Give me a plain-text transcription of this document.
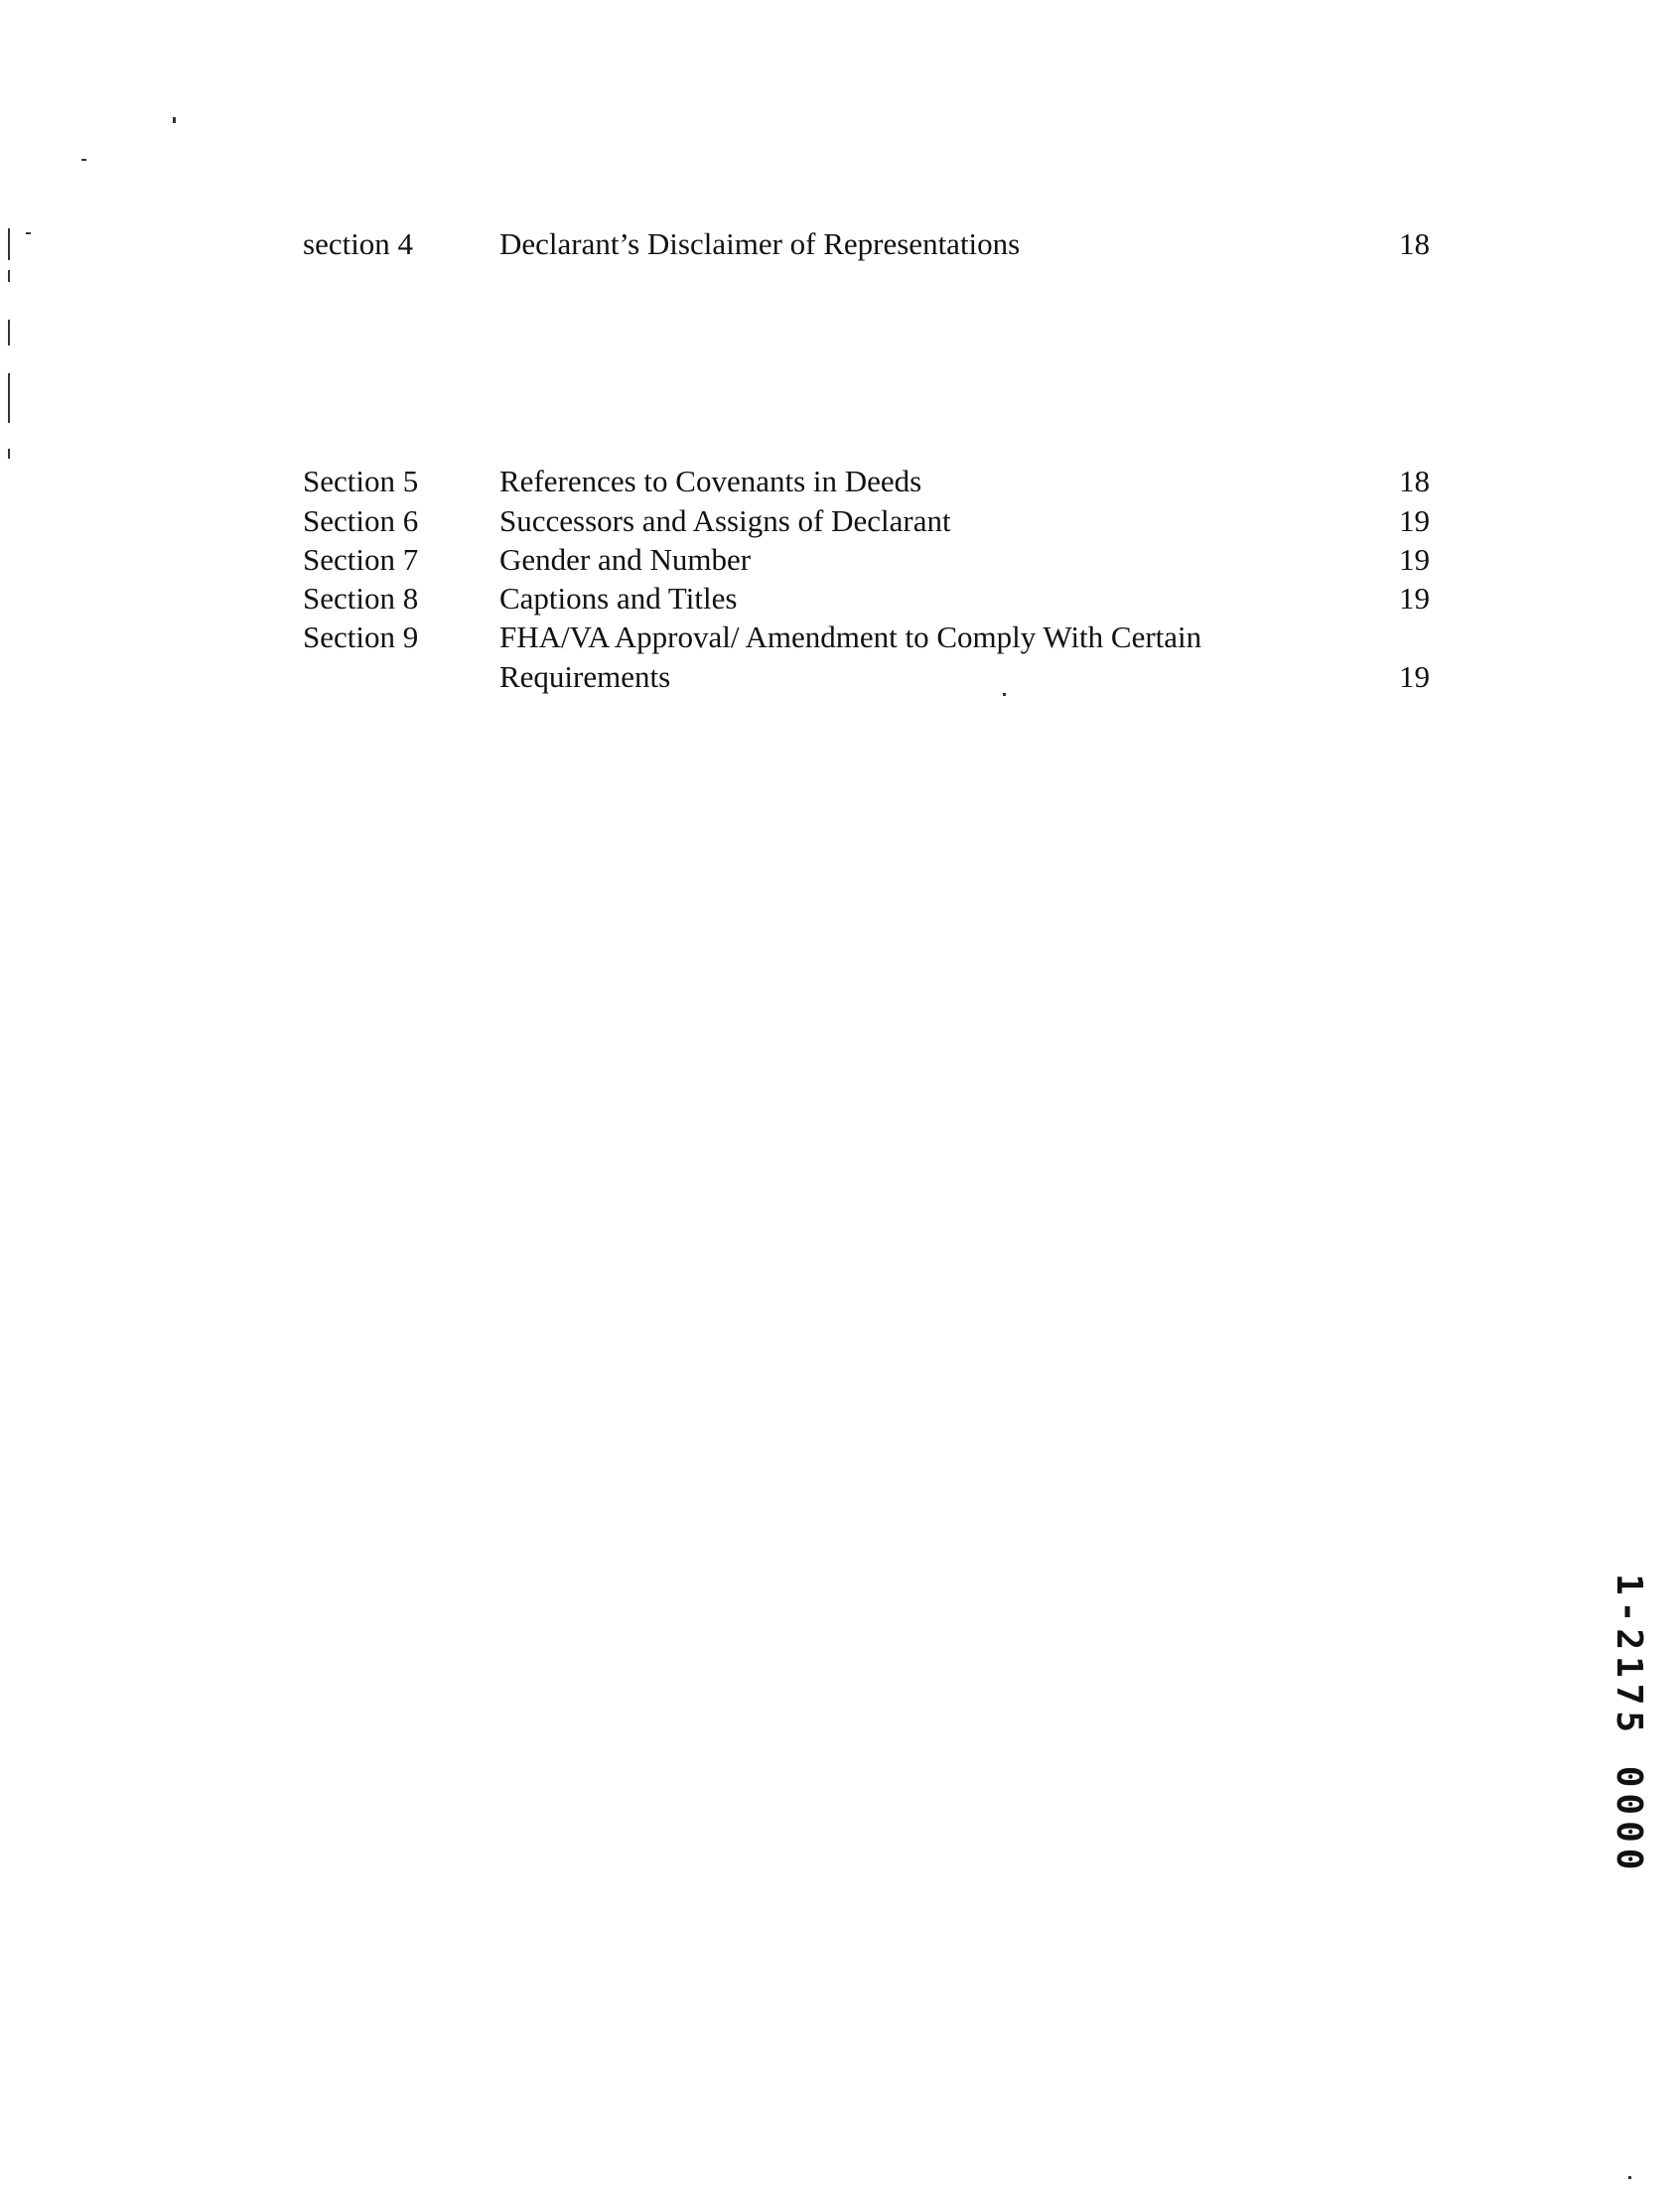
section 4	Declarant’s Disclaimer of Representations	18
Section 5	References to Covenants in Deeds	18
Section 6	Successors and Assigns of Declarant	19
Section 7	Gender and Number	19
Section 8	Captions and Titles	19
Section 9	FHA/VA Approval/ Amendment to Comply With Certain Requirements	19
1-2175 0000
